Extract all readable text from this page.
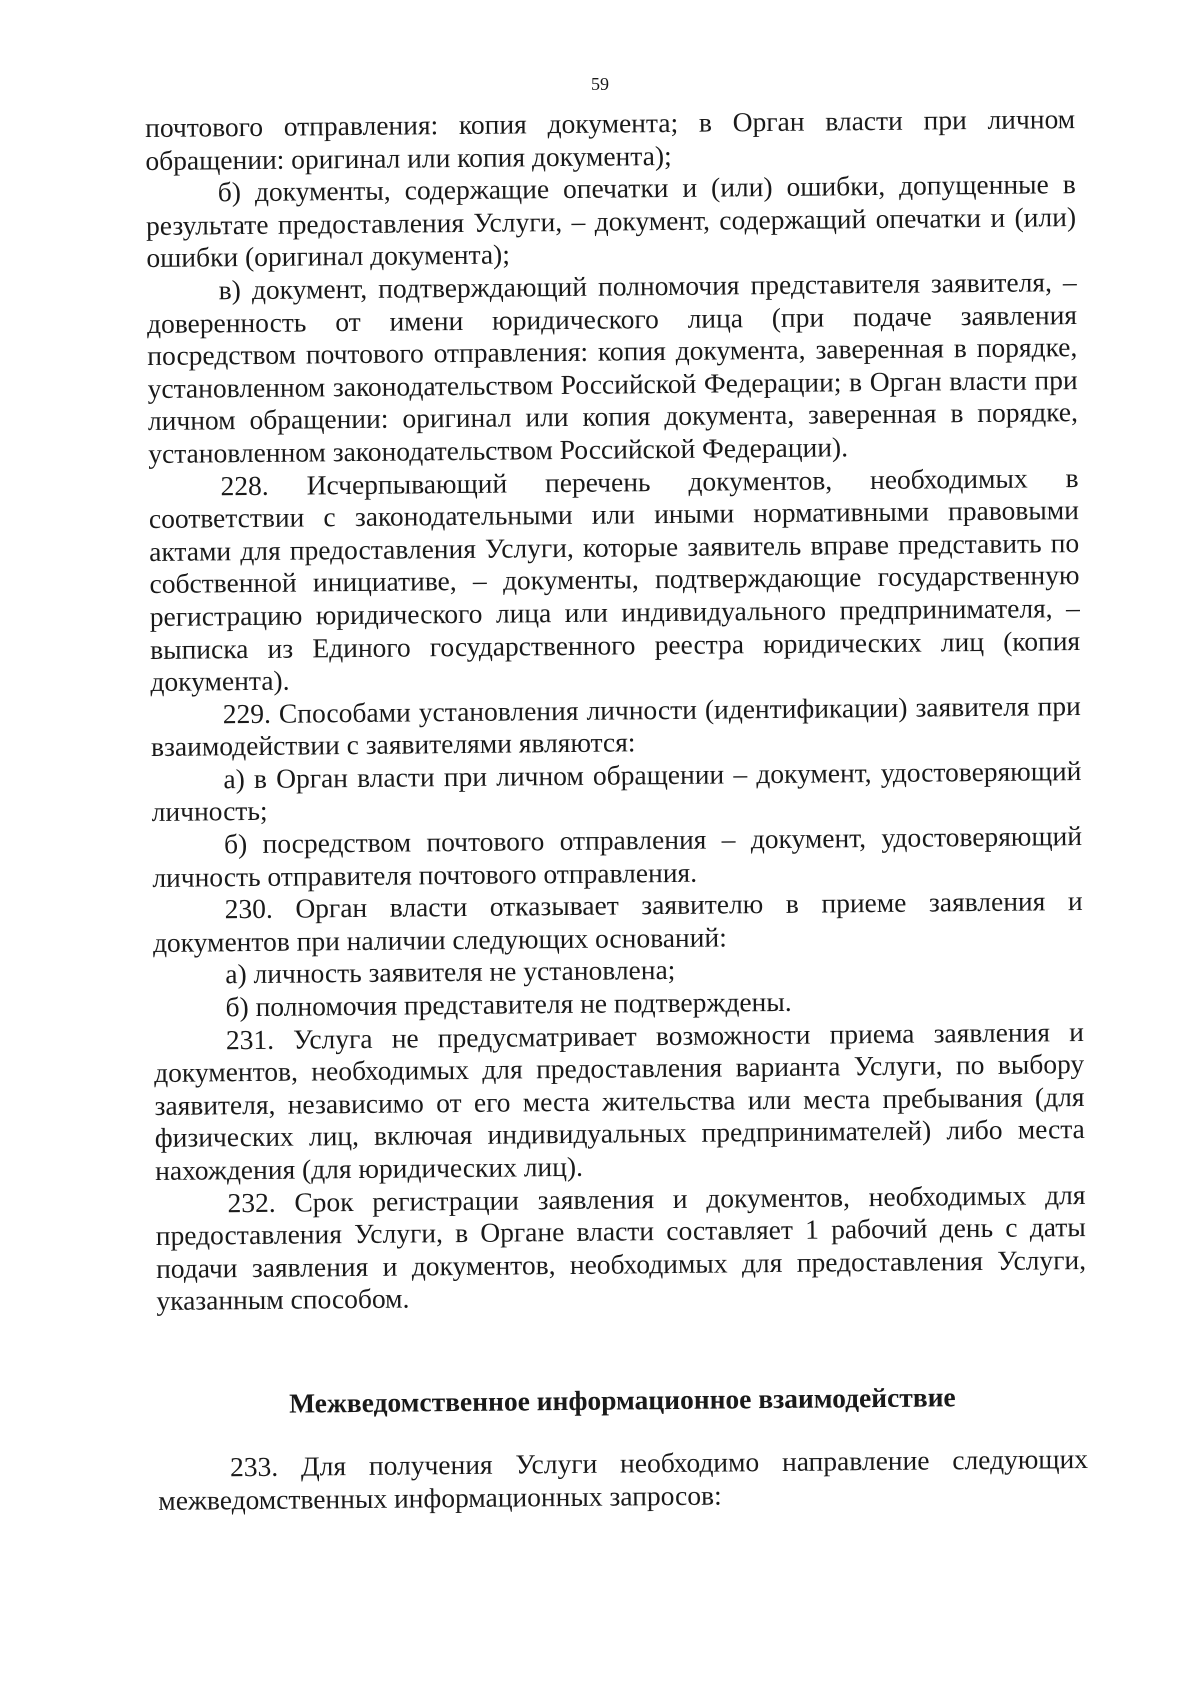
59

почтового отправления: копия документа; в Орган власти при личном обращении: оригинал или копия документа);

б) документы, содержащие опечатки и (или) ошибки, допущенные в результате предоставления Услуги, – документ, содержащий опечатки и (или) ошибки (оригинал документа);

в) документ, подтверждающий полномочия представителя заявителя, – доверенность от имени юридического лица (при подаче заявления посредством почтового отправления: копия документа, заверенная в порядке, установленном законодательством Российской Федерации; в Орган власти при личном обращении: оригинал или копия документа, заверенная в порядке, установленном законодательством Российской Федерации).

228. Исчерпывающий перечень документов, необходимых в соответствии с законодательными или иными нормативными правовыми актами для предоставления Услуги, которые заявитель вправе представить по собственной инициативе, – документы, подтверждающие государственную регистрацию юридического лица или индивидуального предпринимателя, – выписка из Единого государственного реестра юридических лиц (копия документа).

229. Способами установления личности (идентификации) заявителя при взаимодействии с заявителями являются:

а) в Орган власти при личном обращении – документ, удостоверяющий личность;

б) посредством почтового отправления – документ, удостоверяющий личность отправителя почтового отправления.

230. Орган власти отказывает заявителю в приеме заявления и документов при наличии следующих оснований:

а) личность заявителя не установлена;

б) полномочия представителя не подтверждены.

231. Услуга не предусматривает возможности приема заявления и документов, необходимых для предоставления варианта Услуги, по выбору заявителя, независимо от его места жительства или места пребывания (для физических лиц, включая индивидуальных предпринимателей) либо места нахождения (для юридических лиц).

232. Срок регистрации заявления и документов, необходимых для предоставления Услуги, в Органе власти составляет 1 рабочий день с даты подачи заявления и документов, необходимых для предоставления Услуги, указанным способом.

Межведомственное информационное взаимодействие

233. Для получения Услуги необходимо направление следующих межведомственных информационных запросов:
